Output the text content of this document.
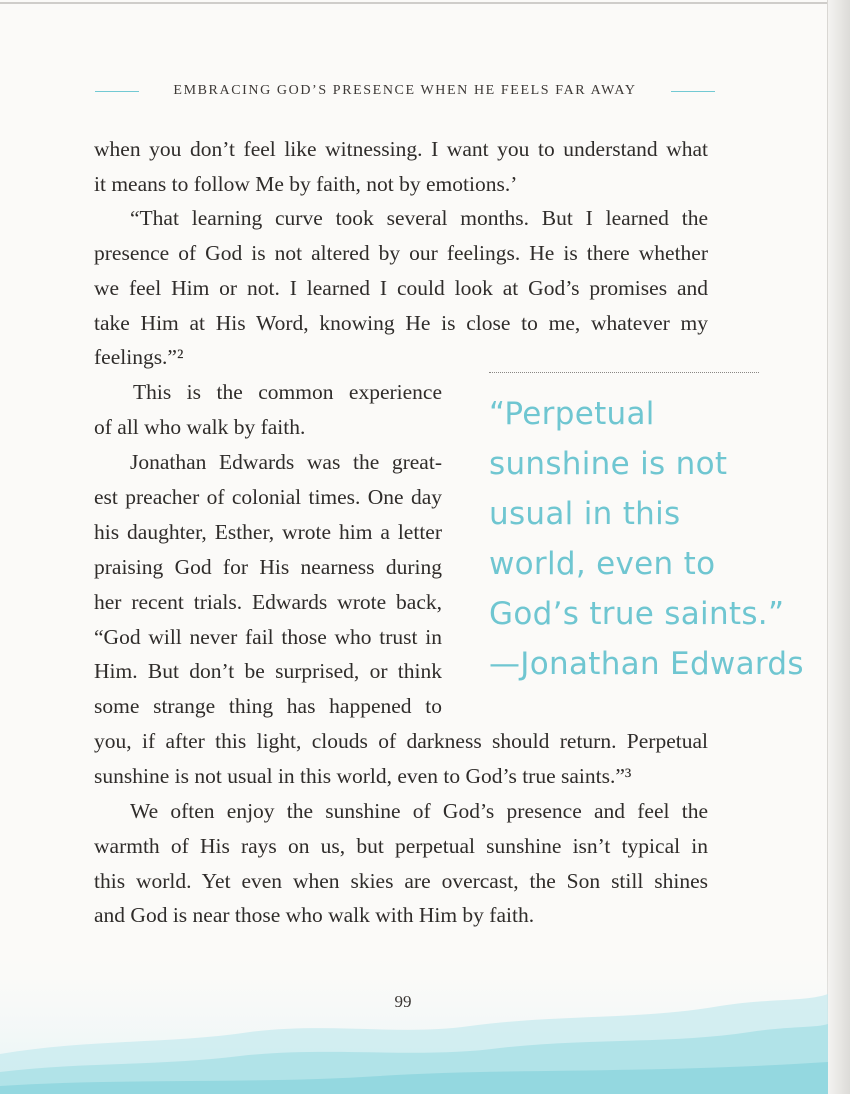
EMBRACING GOD’S PRESENCE WHEN HE FEELS FAR AWAY
when you don’t feel like witnessing. I want you to understand what
it means to follow Me by faith, not by emotions.’
“That learning curve took several months. But I learned the
presence of God is not altered by our feelings. He is there whether
we feel Him or not. I learned I could look at God’s promises and
take Him at His Word, knowing He is close to me, whatever my
feelings.”²
This is the common experience
of all who walk by faith.
Jonathan Edwards was the great-
est preacher of colonial times. One day
his daughter, Esther, wrote him a letter
praising God for His nearness during
her recent trials. Edwards wrote back,
“God will never fail those who trust in
Him. But don’t be surprised, or think
some strange thing has happened to
you, if after this light, clouds of darkness should return. Perpetual
sunshine is not usual in this world, even to God’s true saints.”³
We often enjoy the sunshine of God’s presence and feel the
warmth of His rays on us, but perpetual sunshine isn’t typical in
this world. Yet even when skies are overcast, the Son still shines
and God is near those who walk with Him by faith.
“Perpetual
sunshine is not
usual in this
world, even to
God’s true saints.”
—Jonathan Edwards
99
